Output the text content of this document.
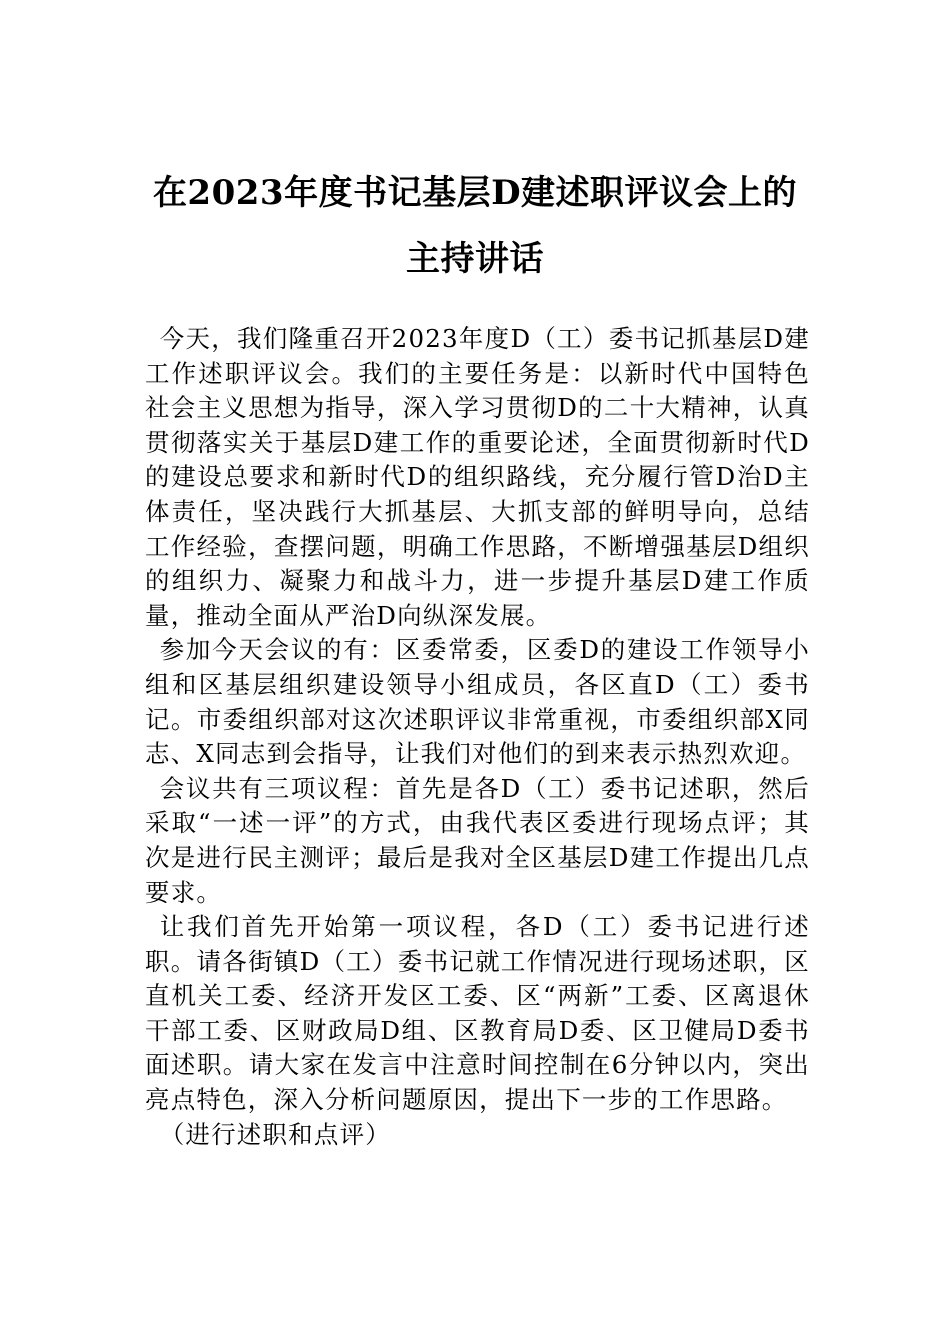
在2023年度书记基层D建述职评议会上的
主持讲话

今天，我们隆重召开2023年度D（工）委书记抓基层D建工作述职评议会。我们的主要任务是：以新时代中国特色社会主义思想为指导，深入学习贯彻D的二十大精神，认真贯彻落实关于基层D建工作的重要论述，全面贯彻新时代D的建设总要求和新时代D的组织路线，充分履行管D治D主体责任，坚决践行大抓基层、大抓支部的鲜明导向，总结工作经验，查摆问题，明确工作思路，不断增强基层D组织的组织力、凝聚力和战斗力，进一步提升基层D建工作质量，推动全面从严治D向纵深发展。

参加今天会议的有：区委常委，区委D的建设工作领导小组和区基层组织建设领导小组成员，各区直D（工）委书记。市委组织部对这次述职评议非常重视，市委组织部X同志、X同志到会指导，让我们对他们的到来表示热烈欢迎。

会议共有三项议程：首先是各D（工）委书记述职，然后采取“一述一评”的方式，由我代表区委进行现场点评；其次是进行民主测评；最后是我对全区基层D建工作提出几点要求。

让我们首先开始第一项议程，各D（工）委书记进行述职。请各街镇D（工）委书记就工作情况进行现场述职，区直机关工委、经济开发区工委、区“两新”工委、区离退休干部工委、区财政局D组、区教育局D委、区卫健局D委书面述职。请大家在发言中注意时间控制在6分钟以内，突出亮点特色，深入分析问题原因，提出下一步的工作思路。

（进行述职和点评）
